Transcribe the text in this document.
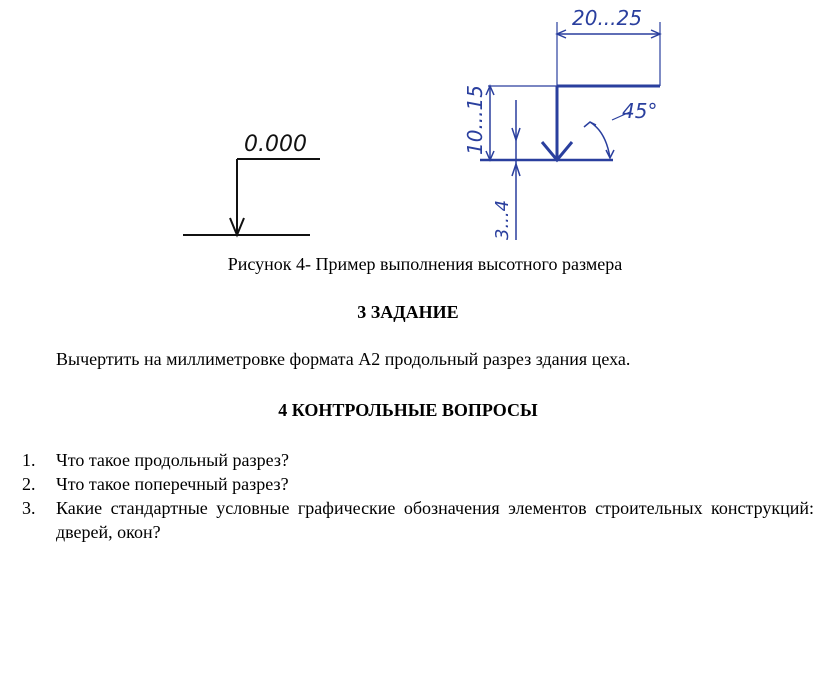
0.000
20...25
10...15
3...4
45°
Рисунок 4- Пример выполнения высотного размера
3 ЗАДАНИЕ
Вычертить на миллиметровке формата А2 продольный разрез здания цеха.
4 КОНТРОЛЬНЫЕ ВОПРОСЫ
1.	Что такое продольный разрез?
2.	Что такое поперечный разрез?
3.	Какие стандартные условные графические обозначения элементов строительных конструкций: дверей, окон?
